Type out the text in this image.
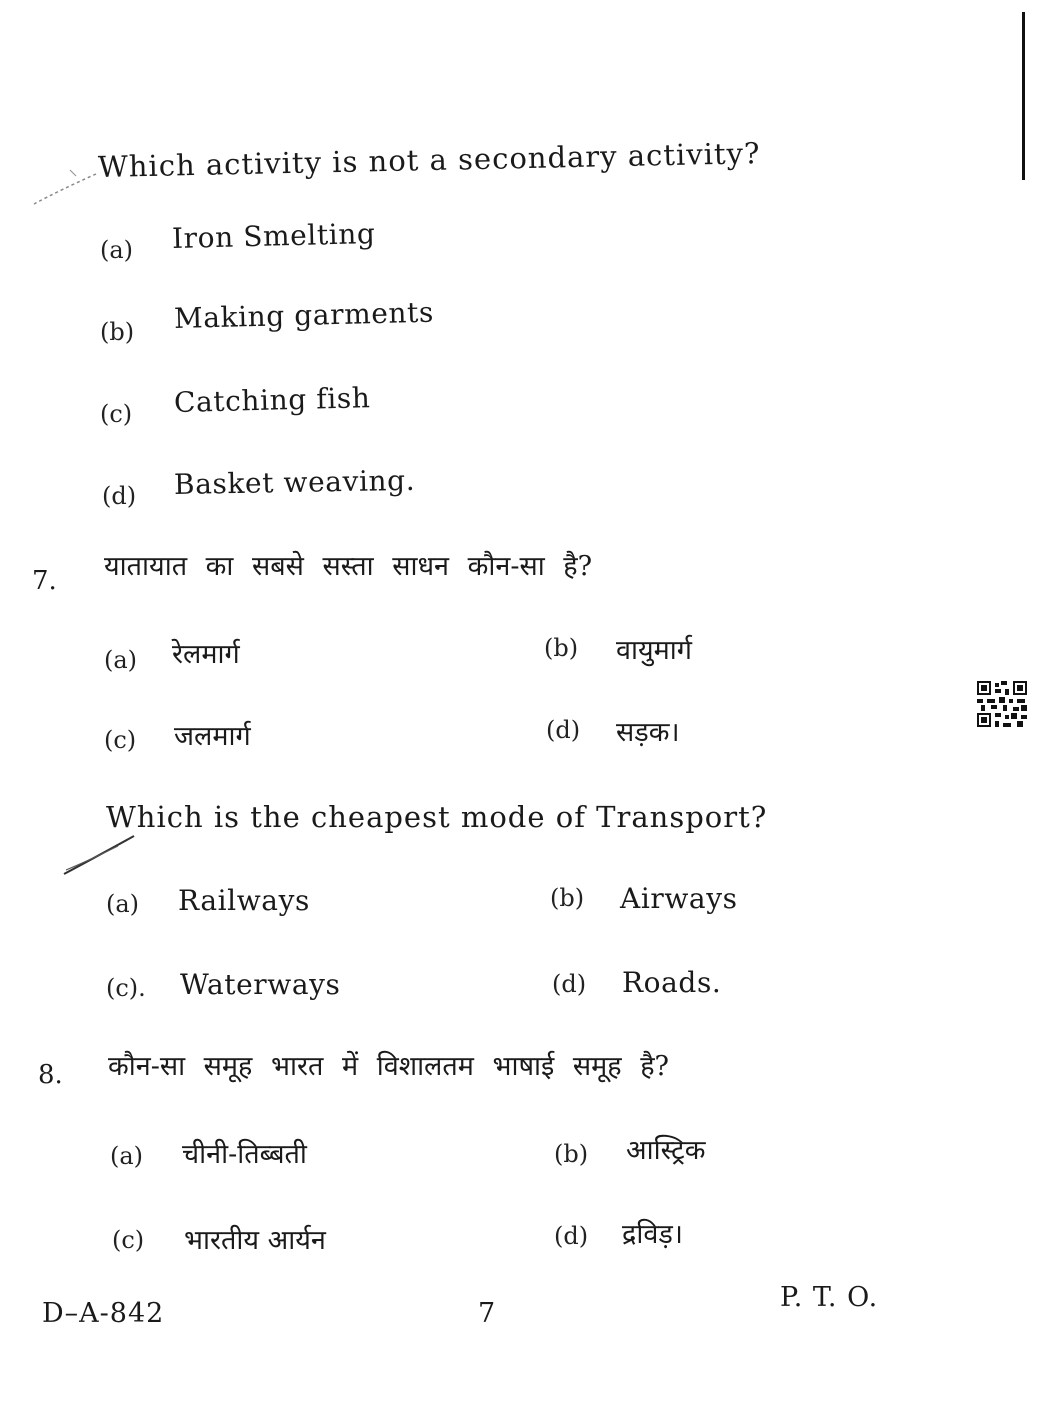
Which activity is not a secondary activity?
(a) Iron Smelting
(b) Making garments
(c) Catching fish
(d) Basket weaving.
7. यातायात का सबसे सस्ता साधन कौन-सा है?
(a) रेलमार्ग	(b) वायुमार्ग
(c) जलमार्ग	(d) सड़क।
Which is the cheapest mode of Transport?
(a) Railways	(b) Airways
(c). Waterways	(d) Roads.
8. कौन-सा समूह भारत में विशालतम भाषाई समूह है?
(a) चीनी-तिब्बती	(b) आस्ट्रिक
(c) भारतीय आर्यन	(d) द्रविड़।
D–A-842	7
P. T. O.
